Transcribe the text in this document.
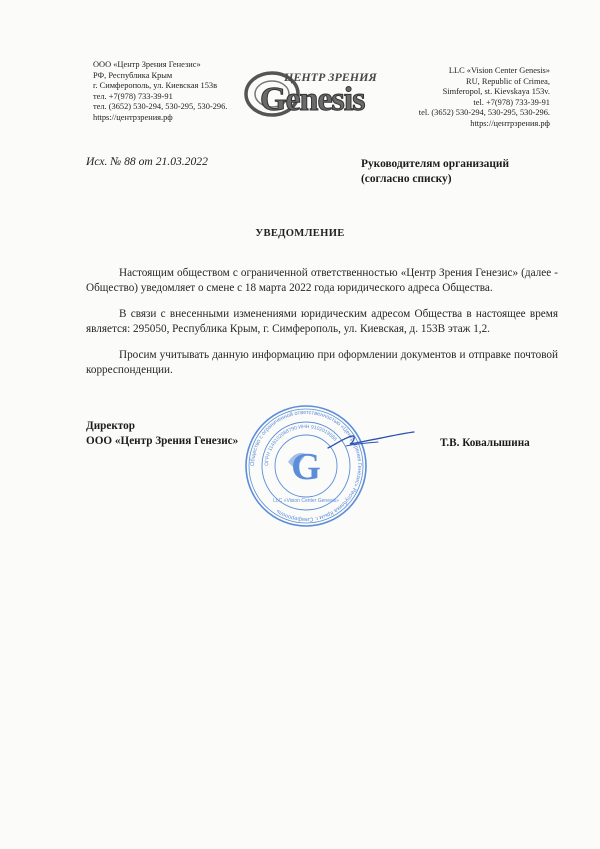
ООО «Центр Зрения Генезис»
РФ, Республика Крым
г. Симферополь, ул. Киевская 153в
тел. +7(978) 733-39-91
тел. (3652) 530-294, 530-295, 530-296.
https://центрзрения.рф
ЦЕНТР ЗРЕНИЯ
Genesis
LLC «Vision Center Genesis»
RU, Republic of Crimea,
Simferopol, st. Kievskaya 153v.
tel. +7(978) 733-39-91
tel. (3652) 530-294, 530-295, 530-296.
https://центрзрения.рф
Исх. № 88 от 21.03.2022	Руководителям организаций
(согласно списку)
УВЕДОМЛЕНИЕ

Настоящим обществом с ограниченной ответственностью «Центр Зрения Генезис» (далее - Общество) уведомляет о смене с 18 марта 2022 года юридического адреса Общества.

В связи с внесенными изменениями юридическим адресом Общества в настоящее время является: 295050, Республика Крым, г. Симферополь, ул. Киевская, д. 153В этаж 1,2.

Просим учитывать данную информацию при оформлении документов и отправке почтовой корреспонденции.

Директор
ООО «Центр Зрения Генезис»
Общество с ограниченной ответственностью «Центр Зрения Генезис» Республика Крым г. Симферополь
ОГРН 1149102088790 ИНН 9102019588
LLC «Vision Center Genesis»
G
Т.В. Ковалышина
